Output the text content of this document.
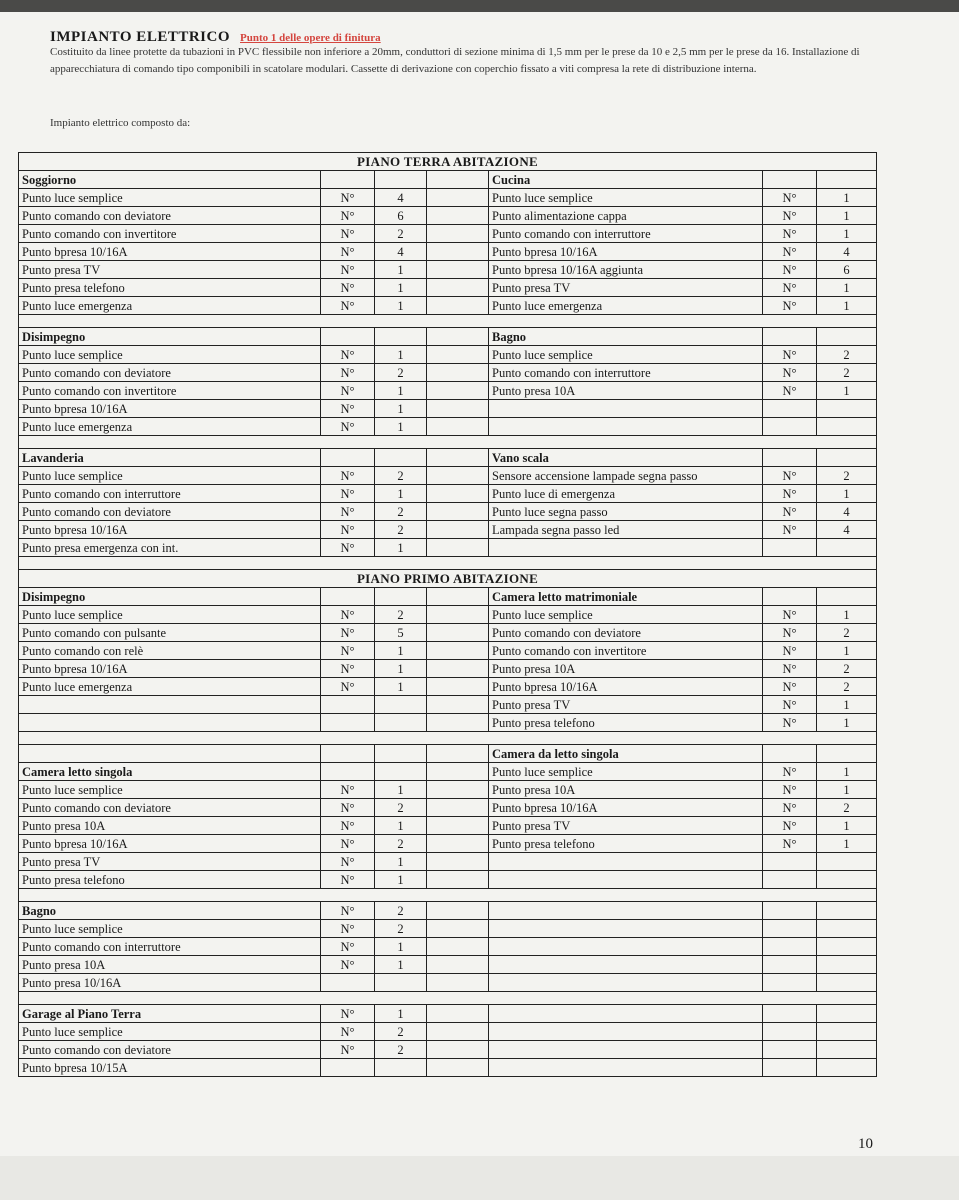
IMPIANTO ELETTRICO Punto 1 delle opere di finitura
Costituito da linee protette da tubazioni in PVC flessibile non inferiore a 20mm, conduttori di sezione minima di 1,5 mm per le prese da 10 e 2,5 mm per le prese da 16. Installazione di apparecchiatura di comando tipo componibili in scatolare modulari. Cassette di derivazione con coperchio fissato a viti compresa la rete di distribuzione interna.
Impianto elettrico composto da:
PIANO TERRA ABITAZIONE						
Soggiorno				Cucina		
Punto luce semplice	N°	4		Punto luce semplice	N°	1
Punto comando con deviatore	N°	6		Punto alimentazione cappa	N°	1
Punto comando con invertitore	N°	2		Punto comando con interruttore	N°	1
Punto bpresa 10/16A	N°	4		Punto bpresa 10/16A	N°	4
Punto presa TV	N°	1		Punto bpresa 10/16A aggiunta	N°	6
Punto presa telefono	N°	1		Punto presa TV	N°	1
Punto luce emergenza	N°	1		Punto luce emergenza	N°	1

Disimpegno				Bagno		
Punto luce semplice	N°	1		Punto luce semplice	N°	2
Punto comando con deviatore	N°	2		Punto comando con interruttore	N°	2
Punto comando con invertitore	N°	1		Punto presa 10A	N°	1
Punto bpresa 10/16A	N°	1				
Punto luce emergenza	N°	1				

Lavanderia				Vano scala		
Punto luce semplice	N°	2		Sensore accensione lampade segna passo	N°	2
Punto comando con interruttore	N°	1		Punto luce di emergenza	N°	1
Punto comando con deviatore	N°	2		Punto luce segna passo	N°	4
Punto bpresa 10/16A	N°	2		Lampada segna passo led	N°	4
Punto presa emergenza con int.	N°	1				

PIANO PRIMO ABITAZIONE						
Disimpegno				Camera letto matrimoniale		
Punto luce semplice	N°	2		Punto luce semplice	N°	1
Punto comando con pulsante	N°	5		Punto comando con deviatore	N°	2
Punto comando con relè	N°	1		Punto comando con invertitore	N°	1
Punto bpresa 10/16A	N°	1		Punto presa 10A	N°	2
Punto luce emergenza	N°	1		Punto bpresa 10/16A	N°	2
				Punto presa TV	N°	1
				Punto presa telefono	N°	1

				Camera da letto singola		
Camera letto singola				Punto luce semplice	N°	1
Punto luce semplice	N°	1		Punto presa 10A	N°	1
Punto comando con deviatore	N°	2		Punto bpresa 10/16A	N°	2
Punto presa 10A	N°	1		Punto presa TV	N°	1
Punto bpresa 10/16A	N°	2		Punto presa telefono	N°	1
Punto presa TV	N°	1				
Punto presa telefono	N°	1				

Bagno	N°	2				
Punto luce semplice	N°	2				
Punto comando con interruttore	N°	1				
Punto presa 10A	N°	1				
Punto presa 10/16A						

Garage al Piano Terra	N°	1				
Punto luce semplice	N°	2				
Punto comando con deviatore	N°	2				
Punto bpresa 10/15A						
10
